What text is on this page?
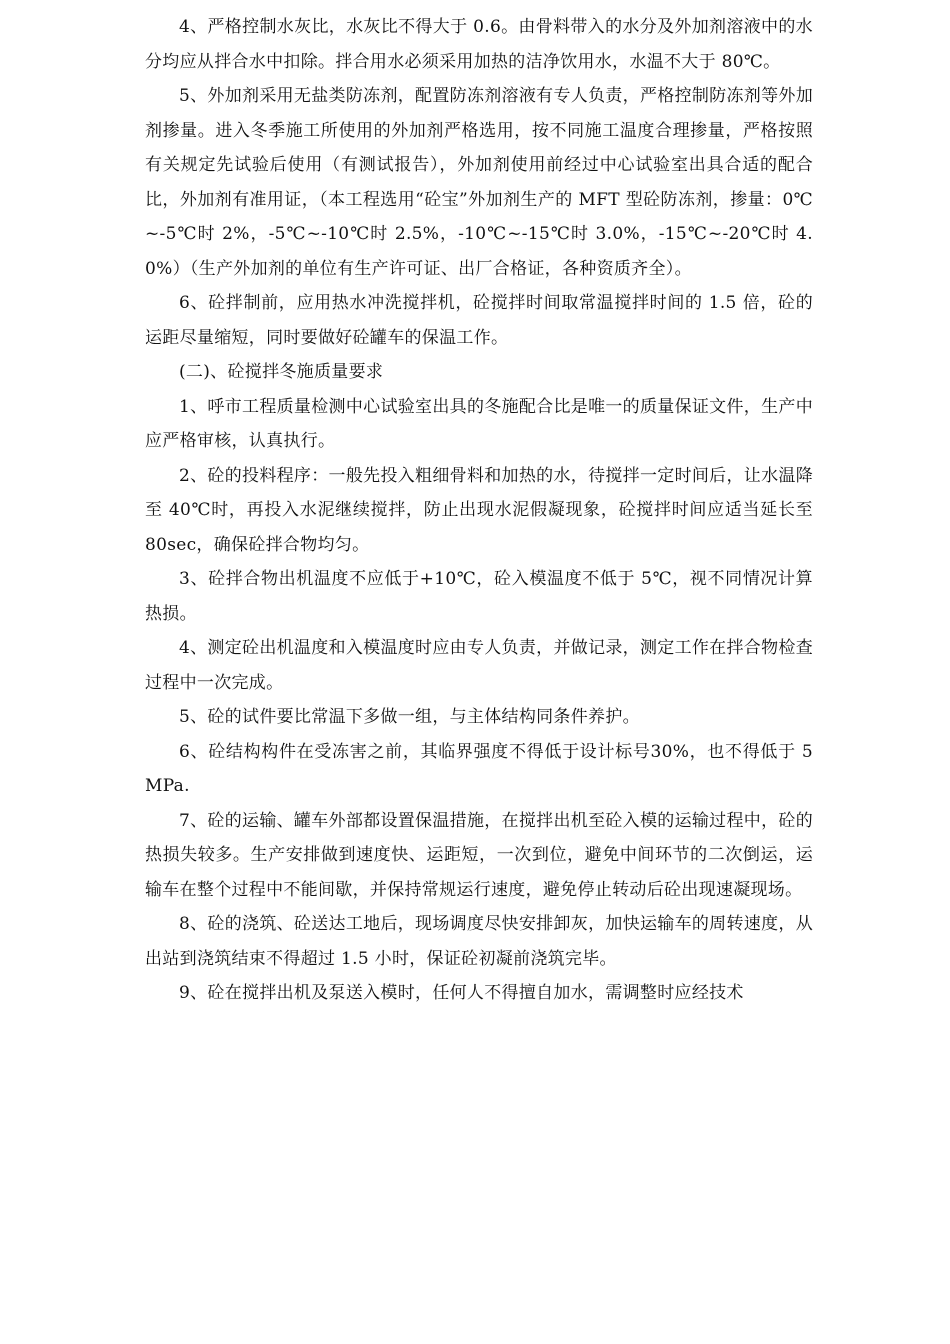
4、严格控制水灰比，水灰比不得大于 0.6。由骨料带入的水分及外加剂溶液中的水分均应从拌合水中扣除。拌合用水必须采用加热的洁净饮用水，水温不大于 80℃。

5、外加剂采用无盐类防冻剂，配置防冻剂溶液有专人负责，严格控制防冻剂等外加剂掺量。进入冬季施工所使用的外加剂严格选用，按不同施工温度合理掺量，严格按照有关规定先试验后使用（有测试报告），外加剂使用前经过中心试验室出具合适的配合比，外加剂有准用证，（本工程选用“砼宝”外加剂生产的 MFT 型砼防冻剂，掺量：0℃~-5℃时 2%，-5℃~-10℃时 2.5%，-10℃~-15℃时 3.0%，-15℃~-20℃时 4.0%）（生产外加剂的单位有生产许可证、出厂合格证，各种资质齐全）。

6、砼拌制前，应用热水冲洗搅拌机，砼搅拌时间取常温搅拌时间的 1.5 倍，砼的运距尽量缩短，同时要做好砼罐车的保温工作。

(二)、砼搅拌冬施质量要求

1、呼市工程质量检测中心试验室出具的冬施配合比是唯一的质量保证文件，生产中应严格审核，认真执行。

2、砼的投料程序：一般先投入粗细骨料和加热的水，待搅拌一定时间后，让水温降至 40℃时，再投入水泥继续搅拌，防止出现水泥假凝现象，砼搅拌时间应适当延长至 80sec，确保砼拌合物均匀。

3、砼拌合物出机温度不应低于+10℃，砼入模温度不低于 5℃，视不同情况计算热损。

4、测定砼出机温度和入模温度时应由专人负责，并做记录，测定工作在拌合物检查过程中一次完成。

5、砼的试件要比常温下多做一组，与主体结构同条件养护。

6、砼结构构件在受冻害之前，其临界强度不得低于设计标号30%，也不得低于 5MPa.

7、砼的运输、罐车外部都设置保温措施，在搅拌出机至砼入模的运输过程中，砼的热损失较多。生产安排做到速度快、运距短，一次到位，避免中间环节的二次倒运，运输车在整个过程中不能间歇，并保持常规运行速度，避免停止转动后砼出现速凝现场。

8、砼的浇筑、砼送达工地后，现场调度尽快安排卸灰，加快运输车的周转速度，从出站到浇筑结束不得超过 1.5 小时，保证砼初凝前浇筑完毕。

9、砼在搅拌出机及泵送入模时，任何人不得擅自加水，需调整时应经技术
